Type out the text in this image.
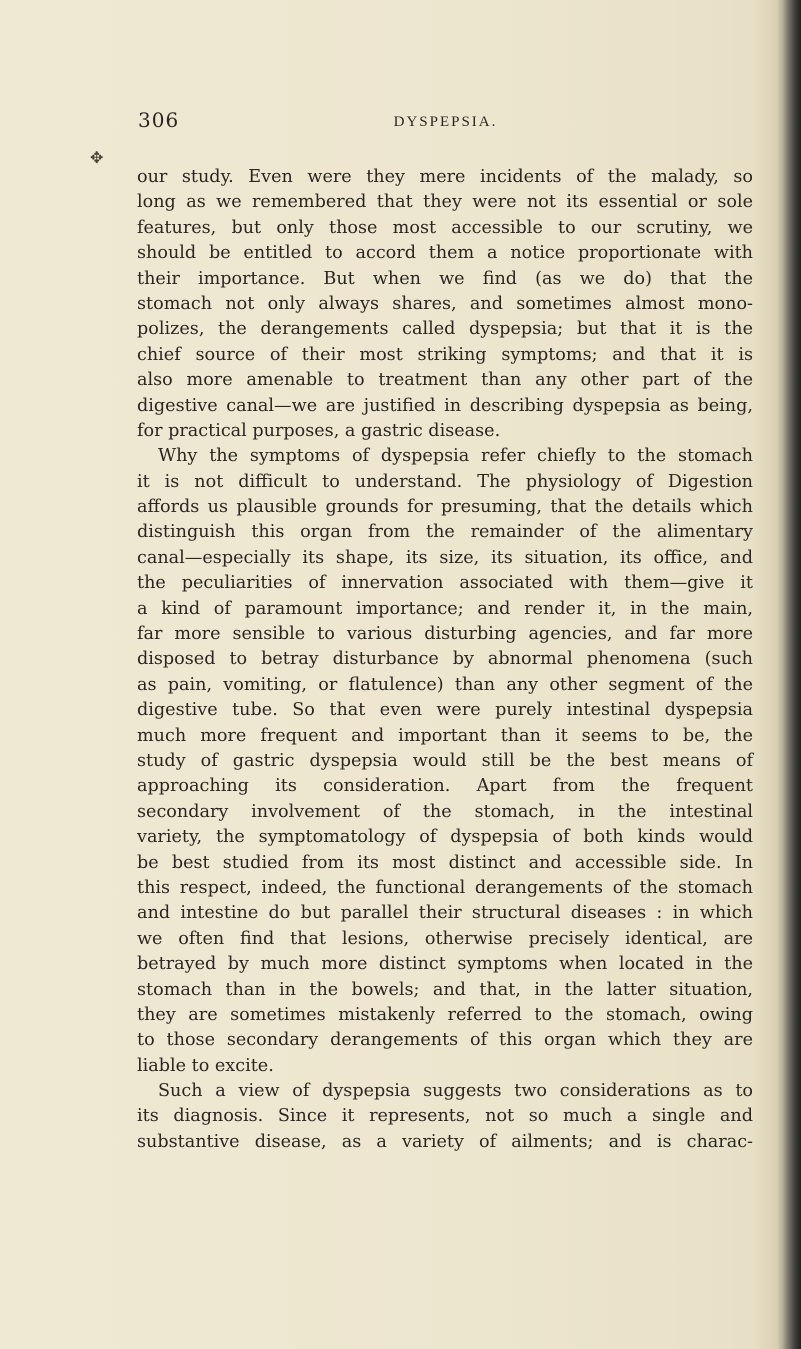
306	DYSPEPSIA.
✥
our study. Even were they mere incidents of the malady, so
long as we remembered that they were not its essential or sole
features, but only those most accessible to our scrutiny, we
should be entitled to accord them a notice proportionate with
their importance. But when we find (as we do) that the
stomach not only always shares, and sometimes almost mono-
polizes, the derangements called dyspepsia; but that it is the
chief source of their most striking symptoms; and that it is
also more amenable to treatment than any other part of the
digestive canal—we are justified in describing dyspepsia as being,
for practical purposes, a gastric disease.
Why the symptoms of dyspepsia refer chiefly to the stomach
it is not difficult to understand. The physiology of Digestion
affords us plausible grounds for presuming, that the details which
distinguish this organ from the remainder of the alimentary
canal—especially its shape, its size, its situation, its office, and
the peculiarities of innervation associated with them—give it
a kind of paramount importance; and render it, in the main,
far more sensible to various disturbing agencies, and far more
disposed to betray disturbance by abnormal phenomena (such
as pain, vomiting, or flatulence) than any other segment of the
digestive tube. So that even were purely intestinal dyspepsia
much more frequent and important than it seems to be, the
study of gastric dyspepsia would still be the best means of
approaching its consideration. Apart from the frequent
secondary involvement of the stomach, in the intestinal
variety, the symptomatology of dyspepsia of both kinds would
be best studied from its most distinct and accessible side. In
this respect, indeed, the functional derangements of the stomach
and intestine do but parallel their structural diseases : in which
we often find that lesions, otherwise precisely identical, are
betrayed by much more distinct symptoms when located in the
stomach than in the bowels; and that, in the latter situation,
they are sometimes mistakenly referred to the stomach, owing
to those secondary derangements of this organ which they are
liable to excite.
Such a view of dyspepsia suggests two considerations as to
its diagnosis. Since it represents, not so much a single and
substantive disease, as a variety of ailments; and is charac-
